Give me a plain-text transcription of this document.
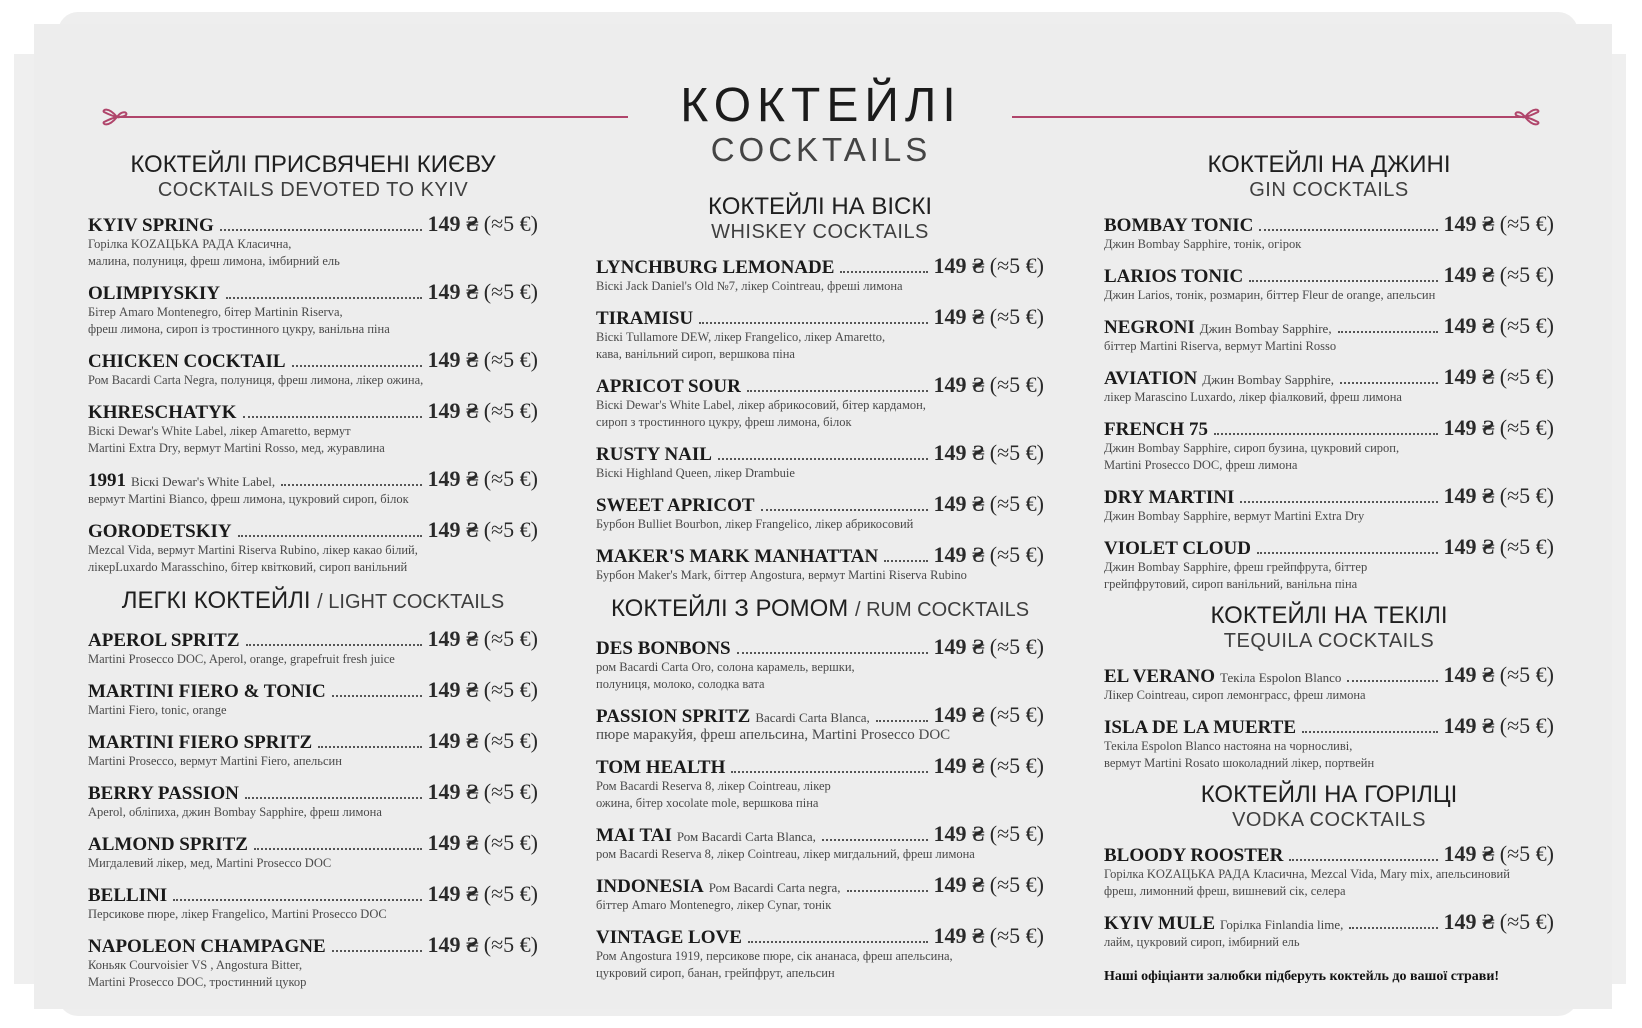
КОКТЕЙЛІ
COCKTAILS
КОКТЕЙЛІ ПРИСВЯЧЕНІ КИЄВУ
COCKTAILS DEVOTED TO KYIV
KYIV SPRING	149 ₴ (≈5 €)
Горілка KOZAЦЬКА РАДА Класична,
малина, полуниця, фреш лимона, імбирний ель
OLIMPIYSKIY	149 ₴ (≈5 €)
Бітер Amaro Montenegro, бітер Martinin Riserva,
фреш лимона, сироп із тростинного цукру, ванільна піна
CHICKEN COCKTAIL	149 ₴ (≈5 €)
Ром Bacardi Carta Negra, полуниця, фреш лимона, лікер ожина,
KHRESCHATYK	149 ₴ (≈5 €)
Віскі Dewar's White Label, лікер Amaretto, вермут
Martini Extra Dry, вермут Martini Rosso, мед, журавлина
1991 Віскі Dewar's White Label,	149 ₴ (≈5 €)
вермут Martini Bianco, фреш лимона, цукровий сироп, білок
GORODETSKIY	149 ₴ (≈5 €)
Mezcal Vida, вермут Martini Riserva Rubino, лікер какао білий,
лікерLuxardo Marasschino, бітер квітковий, сироп ванільний
ЛЕГКІ КОКТЕЙЛІ / LIGHT COCKTAILS
APEROL SPRITZ	149 ₴ (≈5 €)
Martini Prosecco DOC, Aperol, orange, grapefruit fresh juice
MARTINI FIERO & TONIC	149 ₴ (≈5 €)
Martini Fiero, tonic, orange
MARTINI FIERO SPRITZ	149 ₴ (≈5 €)
Martini Prosecco, вермут Martini Fiero, апельсин
BERRY PASSION	149 ₴ (≈5 €)
Aperol, обліпиха, джин Bombay Sapphire, фреш лимона
ALMOND SPRITZ	149 ₴ (≈5 €)
Мигдалевий лікер, мед, Martini Prosecco DOC
BELLINI	149 ₴ (≈5 €)
Персикове пюре, лікер Frangelico, Martini Prosecco DOC
NAPOLEON CHAMPAGNE	149 ₴ (≈5 €)
Коньяк Courvoisier VS , Angostura Bitter,
Martini Prosecco DOC, тростинний цукор
КОКТЕЙЛІ НА ВІСКІ
WHISKEY COCKTAILS
LYNCHBURG LEMONADE	149 ₴ (≈5 €)
Віскі Jack Daniel's Old №7, лікер Cointreau, фреші лимона
TIRAMISU	149 ₴ (≈5 €)
Віскі Tullamore DEW, лікер Frangelico, лікер Amaretto,
кава, ванільний сироп, вершкова піна
APRICOT SOUR	149 ₴ (≈5 €)
Віскі Dewar's White Label, лікер абрикосовий, бітер кардамон,
сироп з тростинного цукру, фреш лимона, білок
RUSTY NAIL	149 ₴ (≈5 €)
Віскі Highland Queen, лікер Drambuie
SWEET APRICOT	149 ₴ (≈5 €)
Бурбон Bulliet Bourbon, лікер Frangelico, лікер абрикосовий
MAKER'S MARK MANHATTAN	149 ₴ (≈5 €)
Бурбон Maker's Mark, біттер Angostura, вермут Martini Riserva Rubino
КОКТЕЙЛІ З РОМОМ / RUM COCKTAILS
DES BONBONS	149 ₴ (≈5 €)
ром Bacardi Carta Oro, солона карамель, вершки,
полуниця, молоко, солодка вата
PASSION SPRITZ Bacardi Carta Blanca,	149 ₴ (≈5 €)
пюре маракуйя, фреш апельсина, Martini Prosecco DOC
TOM HEALTH	149 ₴ (≈5 €)
Ром Bacardi Reserva 8, лікер Cointreau, лікер
ожина, бітер xocolate mole, вершкова піна
MAI TAI Ром Bacardi Carta Blanca,	149 ₴ (≈5 €)
ром Bacardi Reserva 8, лікер Cointreau, лікер мигдальний, фреш лимона
INDONESIA Ром Bacardi Carta negra,	149 ₴ (≈5 €)
біттер Amaro Montenegro, лікер Cynar, тонік
VINTAGE LOVE	149 ₴ (≈5 €)
Ром Angostura 1919, персикове пюре, сік ананаса, фреш апельсина,
цукровий сироп, банан, грейпфрут, апельсин
КОКТЕЙЛІ НА ДЖИНІ
GIN COCKTAILS
BOMBAY TONIC	149 ₴ (≈5 €)
Джин Bombay Sapphire, тонік, огірок
LARIOS TONIC	149 ₴ (≈5 €)
Джин Larios, тонік, розмарин, біттер Fleur de orange, апельсин
NEGRONI Джин Bombay Sapphire,	149 ₴ (≈5 €)
біттер Martini Riserva, вермут Martini Rosso
AVIATION Джин Bombay Sapphire,	149 ₴ (≈5 €)
лікер Marascino Luxardo, лікер фіалковий, фреш лимона
FRENCH 75	149 ₴ (≈5 €)
Джин Bombay Sapphire, сироп бузина, цукровий сироп,
Martini Prosecco DOC, фреш лимона
DRY MARTINI	149 ₴ (≈5 €)
Джин Bombay Sapphire, вермут Martini Extra Dry
VIOLET CLOUD	149 ₴ (≈5 €)
Джин Bombay Sapphire, фреш грейпфрута, біттер
грейпфрутовий, сироп ванільний, ванільна піна
КОКТЕЙЛІ НА ТЕКІЛІ
TEQUILA COCKTAILS
EL VERANO Текіла Espolon Blanco	149 ₴ (≈5 €)
Лікер Cointreau, сироп лемонграсс, фреш лимона
ISLA DE LA MUERTE	149 ₴ (≈5 €)
Текіла Espolon Blanco настояна на чорносливі,
вермут Martini Rosato шоколадний лікер, портвейн
КОКТЕЙЛІ НА ГОРІЛЦІ
VODKA COCKTAILS
BLOODY ROOSTER	149 ₴ (≈5 €)
Горілка KOZAЦЬКА РАДА Класична, Mezcal Vida, Mary mix, апельсиновий
фреш, лимонний фреш, вишневий сік, селера
KYIV MULE Горілка Finlandia lime,	149 ₴ (≈5 €)
лайм, цукровий сироп, імбирний ель
Наші офіціанти залюбки підберуть коктейль до вашої страви!
